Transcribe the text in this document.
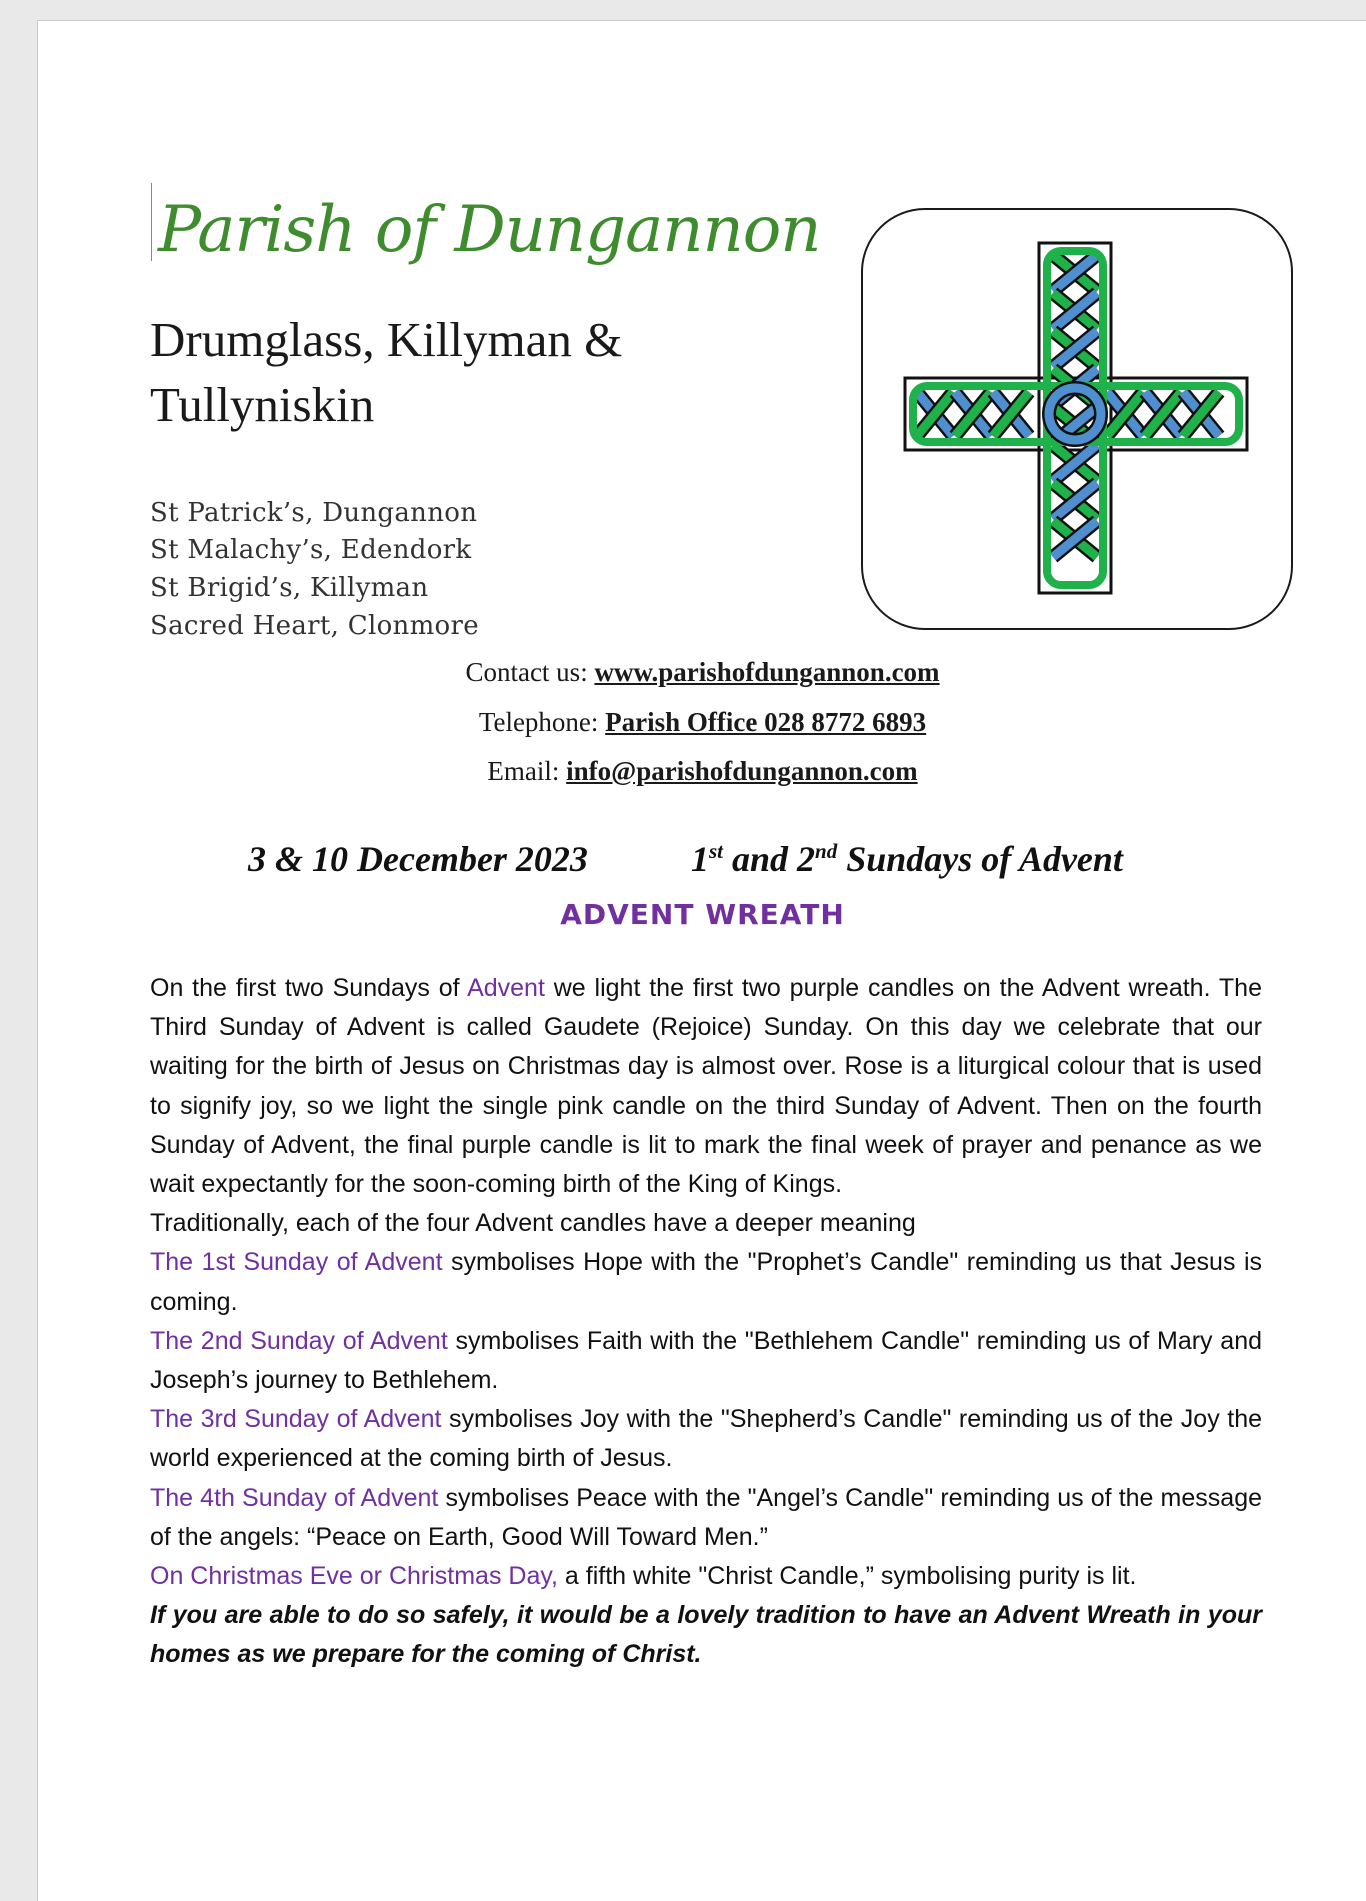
Parish of Dungannon
Drumglass, Killyman &
Tullyniskin
St Patrick’s, Dungannon
St Malachy’s, Edendork
St Brigid’s, Killyman
Sacred Heart, Clonmore
Contact us: www.parishofdungannon.com
Telephone: Parish Office 028 8772 6893
Email: info@parishofdungannon.com
3 & 10 December 2023	1st and 2nd Sundays of Advent
ADVENT WREATH

On the first two Sundays of Advent we light the first two purple candles on the Advent wreath. The Third Sunday of Advent is called Gaudete (Rejoice) Sunday. On this day we celebrate that our waiting for the birth of Jesus on Christmas day is almost over. Rose is a liturgical colour that is used to signify joy, so we light the single pink candle on the third Sunday of Advent. Then on the fourth Sunday of Advent, the final purple candle is lit to mark the final week of prayer and penance as we wait expectantly for the soon-coming birth of the King of Kings.

Traditionally, each of the four Advent candles have a deeper meaning

The 1st Sunday of Advent symbolises Hope with the "Prophet’s Candle" reminding us that Jesus is coming.

The 2nd Sunday of Advent symbolises Faith with the "Bethlehem Candle" reminding us of Mary and Joseph’s journey to Bethlehem.

The 3rd Sunday of Advent symbolises Joy with the "Shepherd’s Candle" reminding us of the Joy the world experienced at the coming birth of Jesus.

The 4th Sunday of Advent symbolises Peace with the "Angel’s Candle" reminding us of the message of the angels: “Peace on Earth, Good Will Toward Men.”

On Christmas Eve or Christmas Day, a fifth white "Christ Candle,” symbolising purity is lit.

If you are able to do so safely, it would be a lovely tradition to have an Advent Wreath in your homes as we prepare for the coming of Christ.
